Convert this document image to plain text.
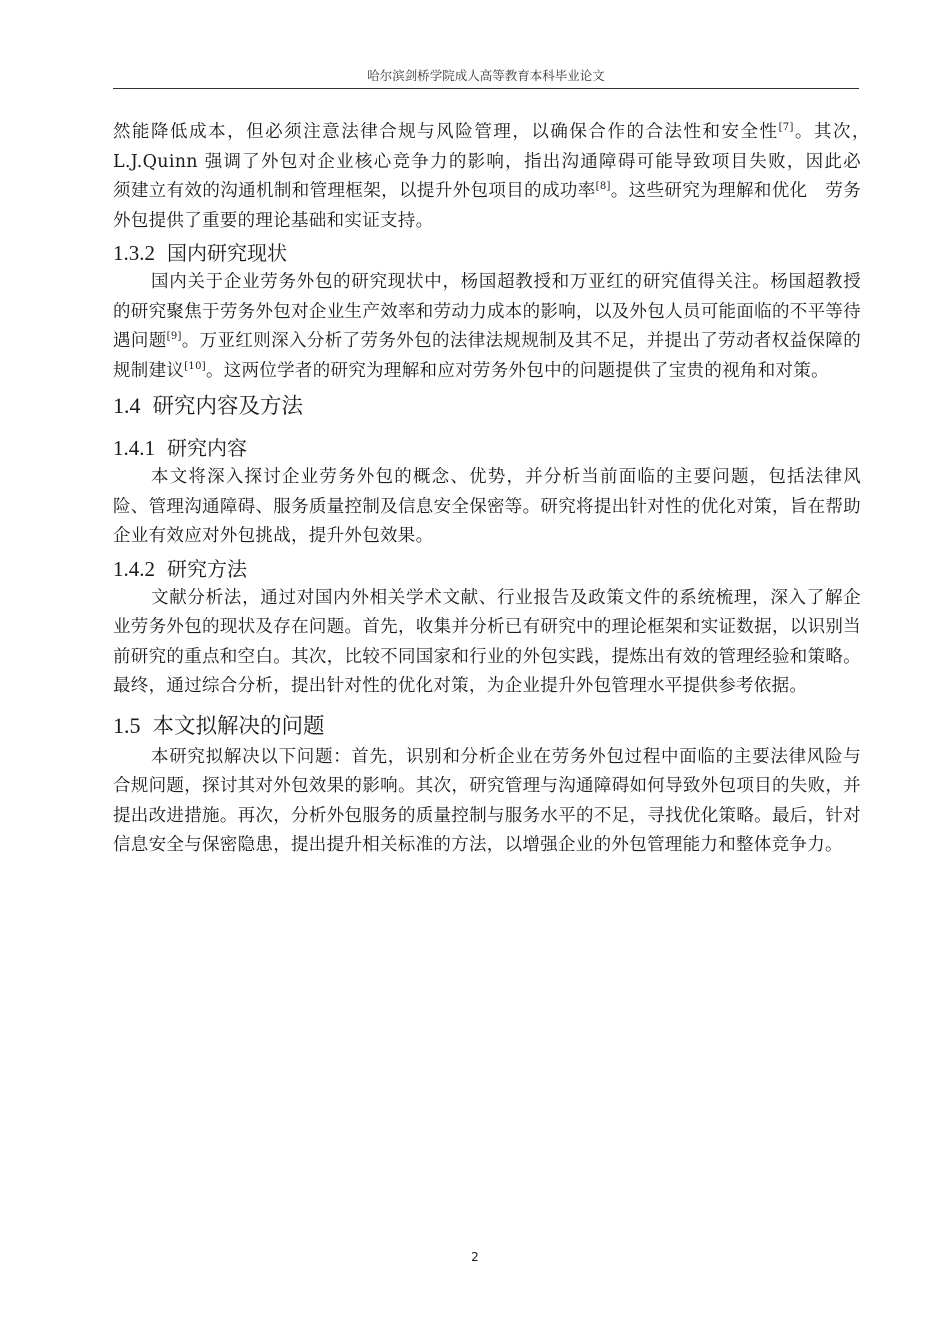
哈尔滨剑桥学院成人高等教育本科毕业论文

然能降低成本，但必须注意法律合规与风险管理，以确保合作的合法性和安全性[7]。其次，　L.J.Quinn 强调了外包对企业核心竞争力的影响，指出沟通障碍可能导致项目失败，因此必　须建立有效的沟通机制和管理框架，以提升外包项目的成功率[8]。这些研究为理解和优化　劳务外包提供了重要的理论基础和实证支持。

1.3.2 国内研究现状

国内关于企业劳务外包的研究现状中，杨国超教授和万亚红的研究值得关注。杨国超教授的研究聚焦于劳务外包对企业生产效率和劳动力成本的影响，以及外包人员可能面临的不平等待遇问题[9]。万亚红则深入分析了劳务外包的法律法规规制及其不足，并提出了劳动者权益保障的规制建议[10]。这两位学者的研究为理解和应对劳务外包中的问题提供了宝贵的视角和对策。

1.4 研究内容及方法
1.4.1 研究内容

本文将深入探讨企业劳务外包的概念、优势，并分析当前面临的主要问题，包括法律风险、管理沟通障碍、服务质量控制及信息安全保密等。研究将提出针对性的优化对策，旨在帮助企业有效应对外包挑战，提升外包效果。

1.4.2 研究方法

文献分析法，通过对国内外相关学术文献、行业报告及政策文件的系统梳理，深入了解企业劳务外包的现状及存在问题。首先，收集并分析已有研究中的理论框架和实证数据，以识别当前研究的重点和空白。其次，比较不同国家和行业的外包实践，提炼出有效的管理经验和策略。最终，通过综合分析，提出针对性的优化对策，为企业提升外包管理水平提供参考依据。

1.5 本文拟解决的问题

本研究拟解决以下问题：首先，识别和分析企业在劳务外包过程中面临的主要法律风险与合规问题，探讨其对外包效果的影响。其次，研究管理与沟通障碍如何导致外包项目的失败，并提出改进措施。再次，分析外包服务的质量控制与服务水平的不足，寻找优化策略。最后，针对信息安全与保密隐患，提出提升相关标准的方法，以增强企业的外包管理能力和整体竞争力。

2
